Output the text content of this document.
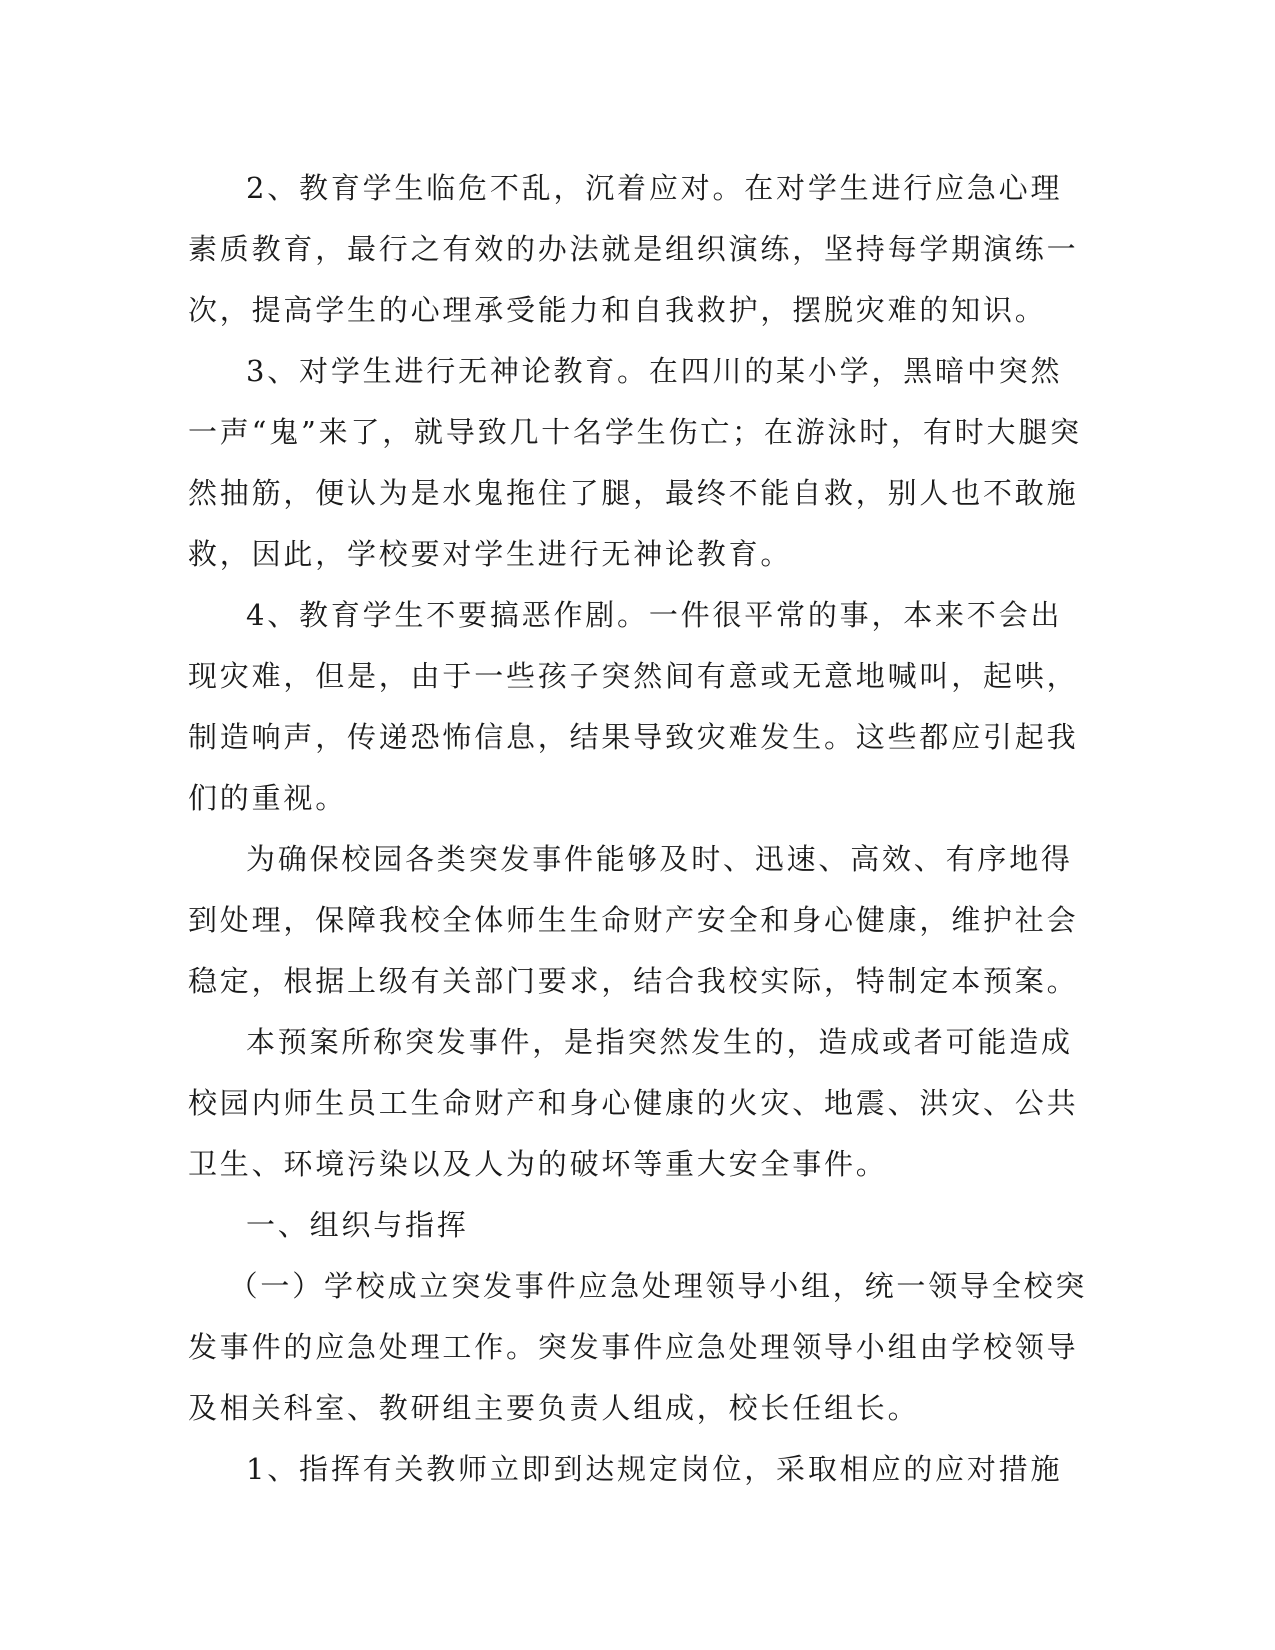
2、教育学生临危不乱，沉着应对。在对学生进行应急心理素质教育，最行之有效的办法就是组织演练，坚持每学期演练一次，提高学生的心理承受能力和自我救护，摆脱灾难的知识。

3、对学生进行无神论教育。在四川的某小学，黑暗中突然一声“鬼”来了，就导致几十名学生伤亡；在游泳时，有时大腿突然抽筋，便认为是水鬼拖住了腿，最终不能自救，别人也不敢施救，因此，学校要对学生进行无神论教育。

4、教育学生不要搞恶作剧。一件很平常的事，本来不会出现灾难，但是，由于一些孩子突然间有意或无意地喊叫，起哄，制造响声，传递恐怖信息，结果导致灾难发生。这些都应引起我们的重视。

为确保校园各类突发事件能够及时、迅速、高效、有序地得到处理，保障我校全体师生生命财产安全和身心健康，维护社会稳定，根据上级有关部门要求，结合我校实际，特制定本预案。

本预案所称突发事件，是指突然发生的，造成或者可能造成校园内师生员工生命财产和身心健康的火灾、地震、洪灾、公共卫生、环境污染以及人为的破坏等重大安全事件。

一、组织与指挥

（一）学校成立突发事件应急处理领导小组，统一领导全校突发事件的应急处理工作。突发事件应急处理领导小组由学校领导及相关科室、教研组主要负责人组成，校长任组长。

1、指挥有关教师立即到达规定岗位，采取相应的应对措施
